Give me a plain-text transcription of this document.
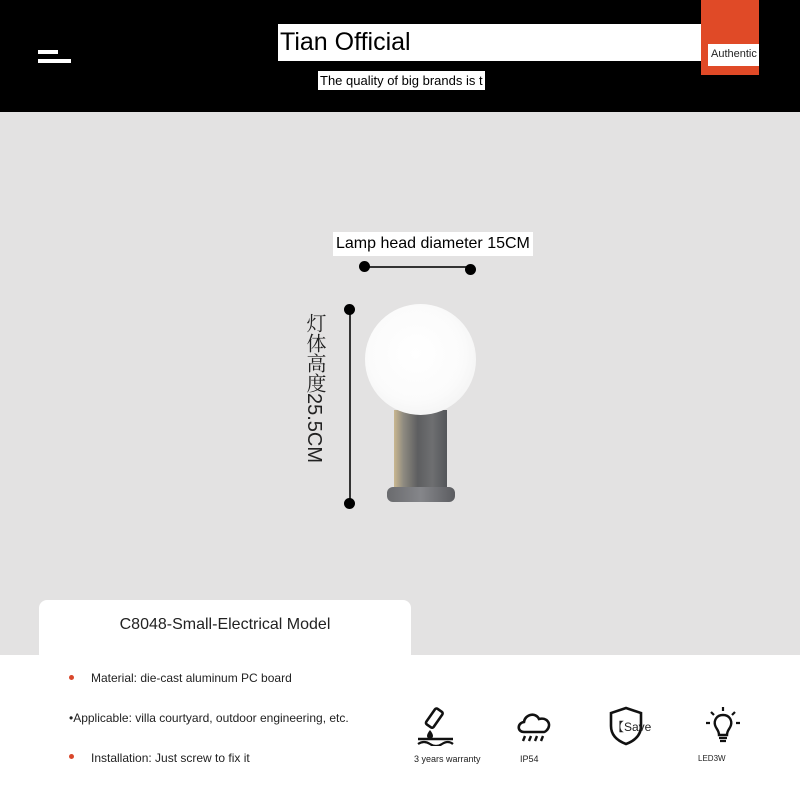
Tian Official
The quality of big brands is t
Authentic
Lamp head diameter 15CM
灯体高度25.5CM
C8048-Small-Electrical Model
Material: die-cast aluminum PC board
•Applicable: villa courtyard, outdoor engineering, etc.
Installation: Just screw to fix it	3 years warranty	IP54
【Save
LED3W
